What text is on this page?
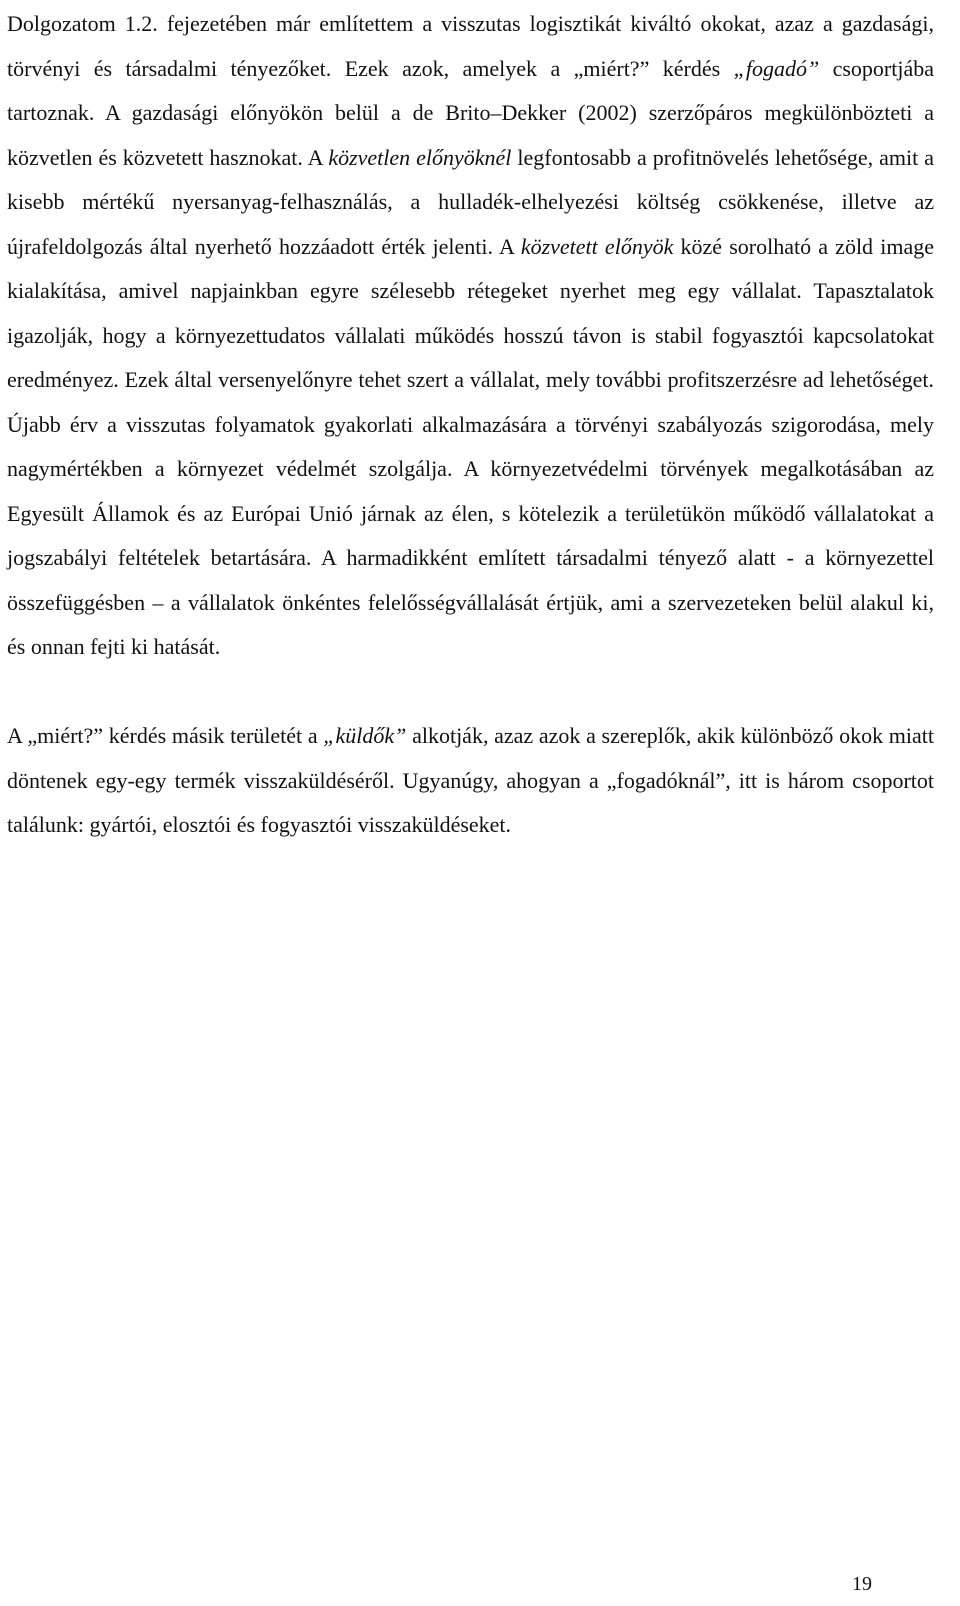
Dolgozatom 1.2. fejezetében már említettem a visszutas logisztikát kiváltó okokat, azaz a gazdasági, törvényi és társadalmi tényezőket. Ezek azok, amelyek a „miért?” kérdés „fogadó” csoportjába tartoznak. A gazdasági előnyökön belül a de Brito–Dekker (2002) szerzőpáros megkülönbözteti a közvetlen és közvetett hasznokat. A közvetlen előnyöknél legfontosabb a profitnövelés lehetősége, amit a kisebb mértékű nyersanyag-felhasználás, a hulladék-elhelyezési költség csökkenése, illetve az újrafeldolgozás által nyerhető hozzáadott érték jelenti. A közvetett előnyök közé sorolható a zöld image kialakítása, amivel napjainkban egyre szélesebb rétegeket nyerhet meg egy vállalat. Tapasztalatok igazolják, hogy a környezettudatos vállalati működés hosszú távon is stabil fogyasztói kapcsolatokat eredményez. Ezek által versenyelőnyre tehet szert a vállalat, mely további profitszerzésre ad lehetőséget. Újabb érv a visszutas folyamatok gyakorlati alkalmazására a törvényi szabályozás szigorodása, mely nagymértékben a környezet védelmét szolgálja. A környezetvédelmi törvények megalkotásában az Egyesült Államok és az Európai Unió járnak az élen, s kötelezik a területükön működő vállalatokat a jogszabályi feltételek betartására. A harmadikként említett társadalmi tényező alatt - a környezettel összefüggésben – a vállalatok önkéntes felelősségvállalását értjük, ami a szervezeteken belül alakul ki, és onnan fejti ki hatását.

A „miért?” kérdés másik területét a „küldők” alkotják, azaz azok a szereplők, akik különböző okok miatt döntenek egy-egy termék visszaküldéséről. Ugyanúgy, ahogyan a „fogadóknál”, itt is három csoportot találunk: gyártói, elosztói és fogyasztói visszaküldéseket.

19
